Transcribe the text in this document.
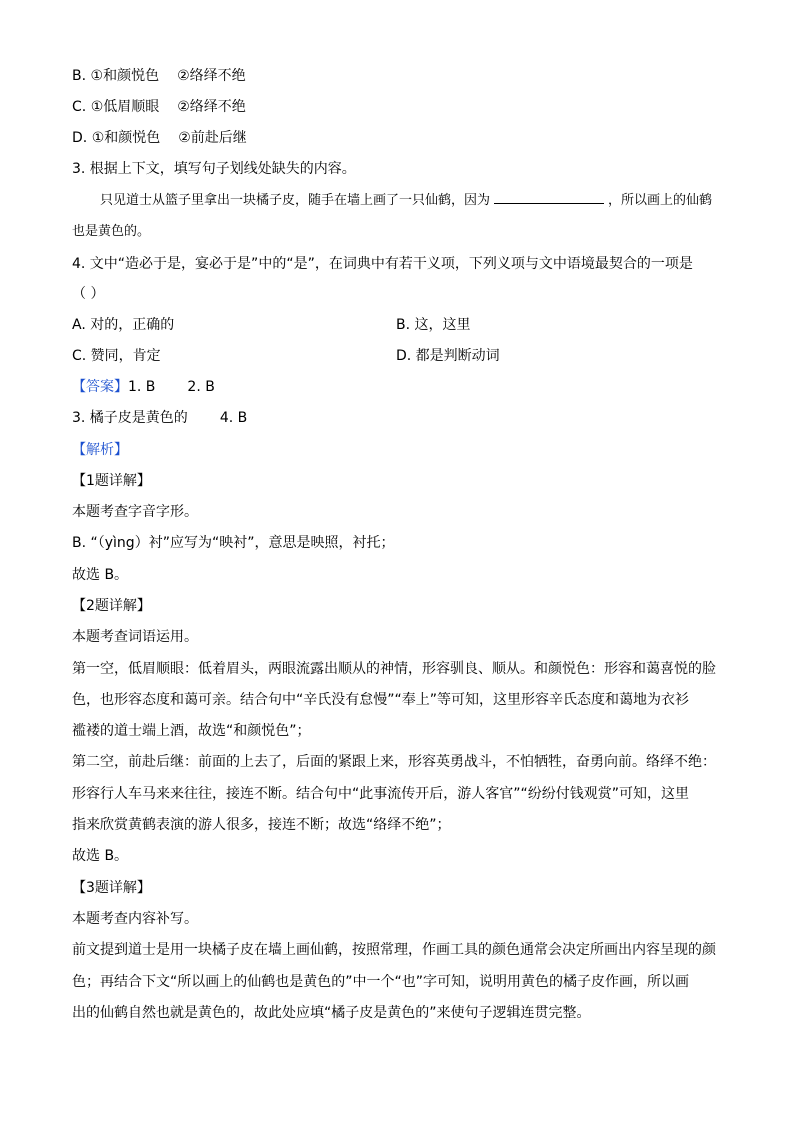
B. ①和颜悦色 ②络绎不绝
C. ①低眉顺眼 ②络绎不绝
D. ①和颜悦色 ②前赴后继
3. 根据上下文，填写句子划线处缺失的内容。
只见道士从篮子里拿出一块橘子皮，随手在墙上画了一只仙鹤，因为	，所以画上的仙鹤
也是黄色的。
4. 文中“造必于是，宴必于是”中的“是”，在词典中有若干义项，下列义项与文中语境最契合的一项是
（ ）
A. 对的，正确的	B. 这，这里
C. 赞同，肯定	D. 都是判断动词
【答案】1. B 2. B
3. 橘子皮是黄色的 4. B
【解析】
【1题详解】
本题考查字音字形。
B. “（yìng）衬”应写为“映衬”，意思是映照，衬托；
故选 B。
【2题详解】
本题考查词语运用。
第一空，低眉顺眼：低着眉头，两眼流露出顺从的神情，形容驯良、顺从。和颜悦色：形容和蔼喜悦的脸
色，也形容态度和蔼可亲。结合句中“辛氏没有怠慢”“奉上”等可知，这里形容辛氏态度和蔼地为衣衫
褴褛的道士端上酒，故选“和颜悦色”；
第二空，前赴后继：前面的上去了，后面的紧跟上来，形容英勇战斗，不怕牺牲，奋勇向前。络绎不绝：
形容行人车马来来往往，接连不断。结合句中“此事流传开后，游人客官”“纷纷付钱观赏”可知，这里
指来欣赏黄鹤表演的游人很多，接连不断；故选“络绎不绝”；
故选 B。
【3题详解】
本题考查内容补写。
前文提到道士是用一块橘子皮在墙上画仙鹤，按照常理，作画工具的颜色通常会决定所画出内容呈现的颜
色；再结合下文“所以画上的仙鹤也是黄色的”中一个“也”字可知，说明用黄色的橘子皮作画，所以画
出的仙鹤自然也就是黄色的，故此处应填“橘子皮是黄色的”来使句子逻辑连贯完整。
